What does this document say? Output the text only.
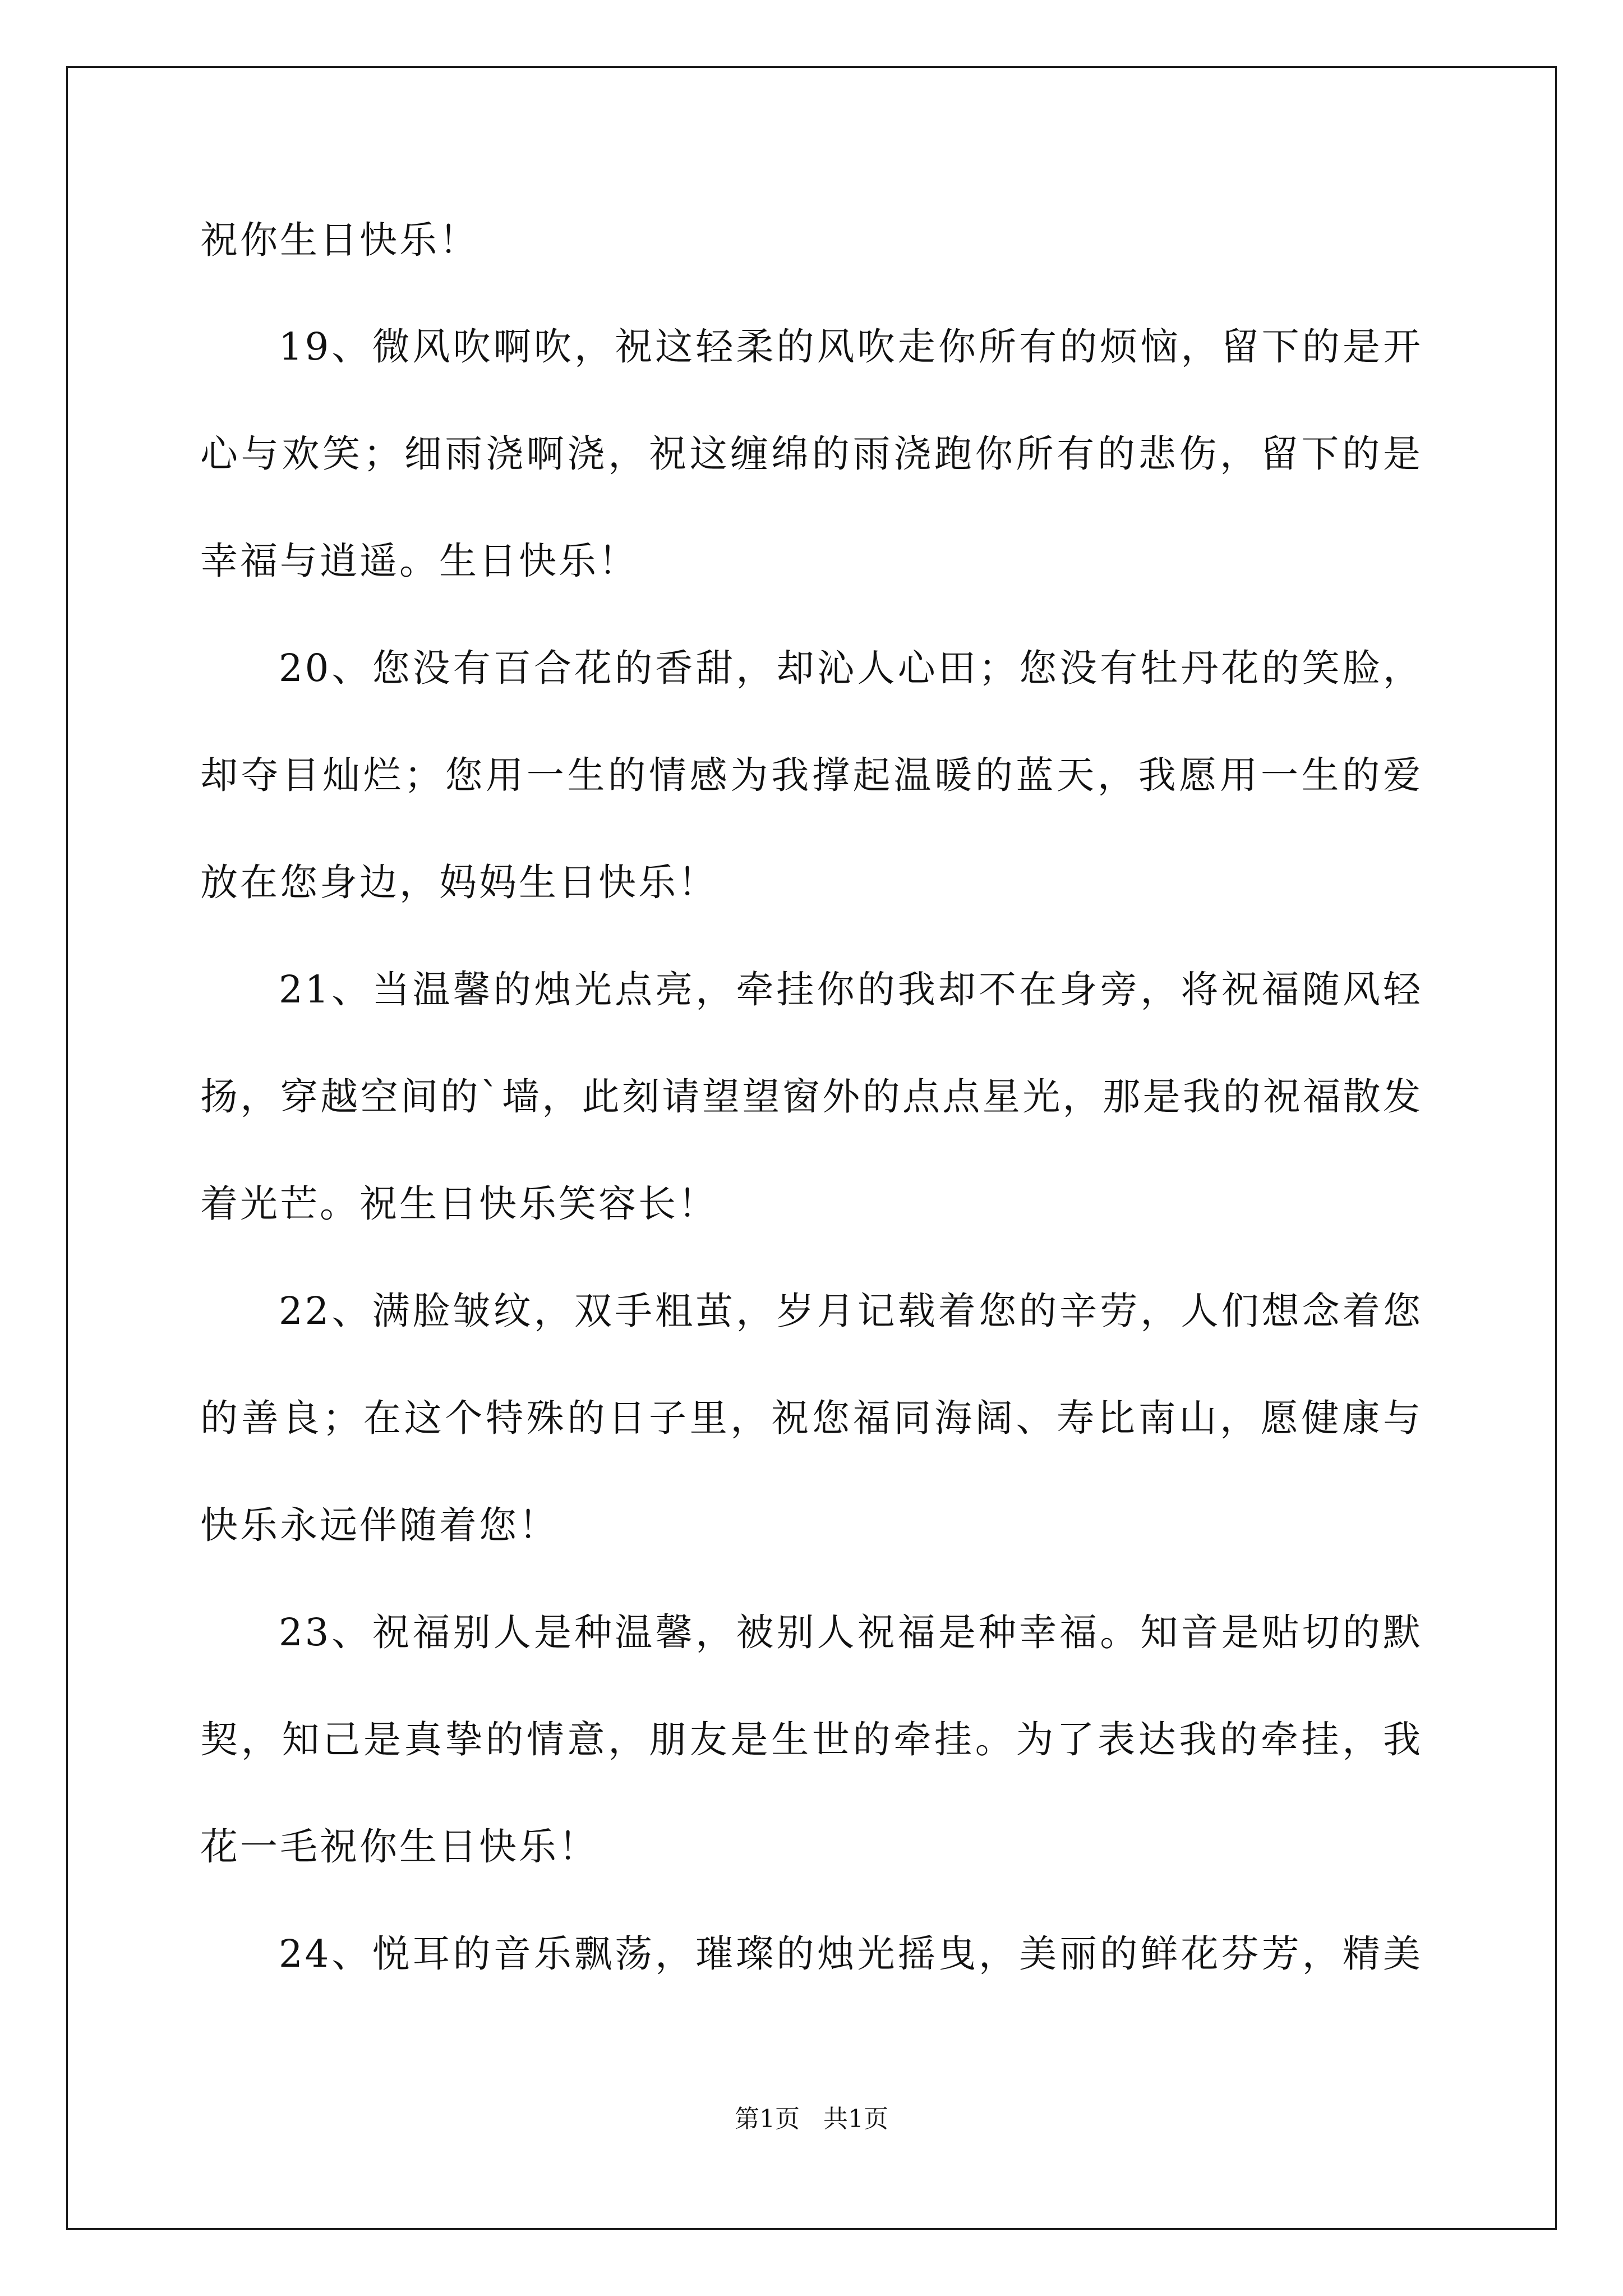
祝你生日快乐！
19、微风吹啊吹，祝这轻柔的风吹走你所有的烦恼，留下的是开
心与欢笑；细雨浇啊浇，祝这缠绵的雨浇跑你所有的悲伤，留下的是
幸福与逍遥。生日快乐！
20、您没有百合花的香甜，却沁人心田；您没有牡丹花的笑脸，
却夺目灿烂；您用一生的情感为我撑起温暖的蓝天，我愿用一生的爱
放在您身边，妈妈生日快乐！
21、当温馨的烛光点亮，牵挂你的我却不在身旁，将祝福随风轻
扬，穿越空间的`墙，此刻请望望窗外的点点星光，那是我的祝福散发
着光芒。祝生日快乐笑容长！
22、满脸皱纹，双手粗茧，岁月记载着您的辛劳，人们想念着您
的善良；在这个特殊的日子里，祝您福同海阔、寿比南山，愿健康与
快乐永远伴随着您！
23、祝福别人是种温馨，被别人祝福是种幸福。知音是贴切的默
契，知己是真挚的情意，朋友是生世的牵挂。为了表达我的牵挂，我
花一毛祝你生日快乐！
24、悦耳的音乐飘荡，璀璨的烛光摇曳，美丽的鲜花芬芳，精美
第1页   共1页
